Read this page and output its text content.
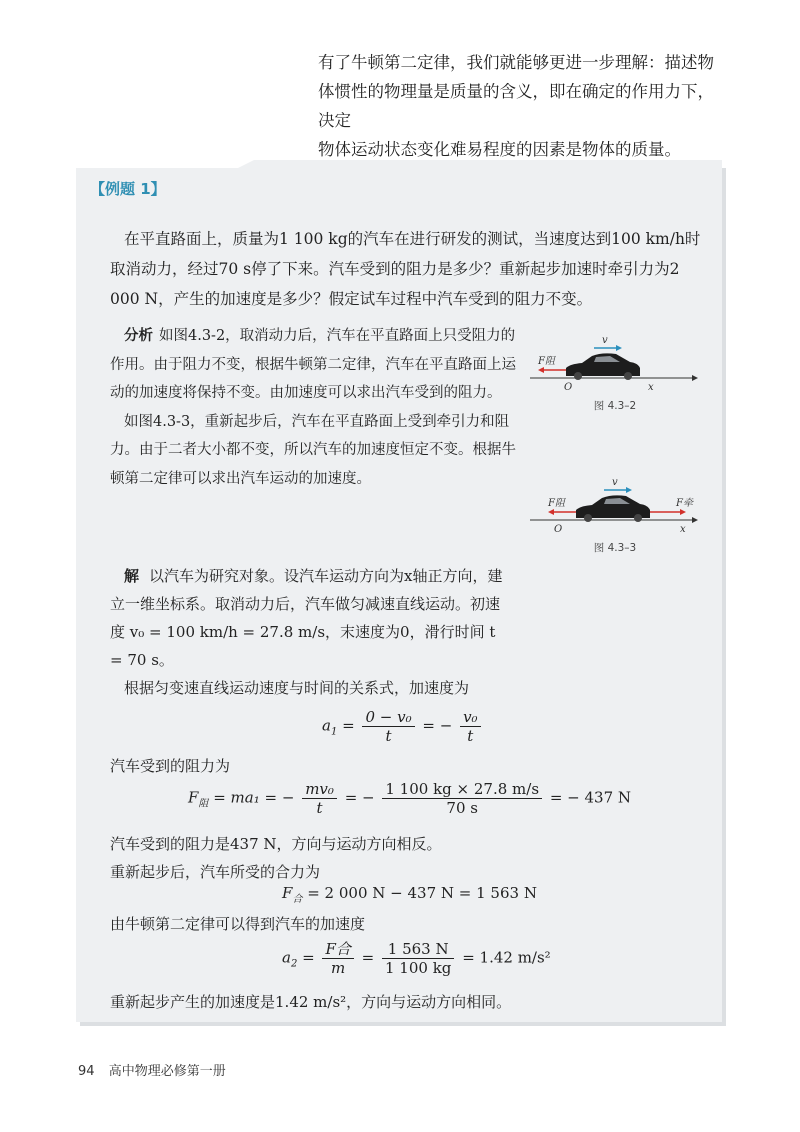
有了牛顿第二定律，我们就能够更进一步理解：描述物

体惯性的物理量是质量的含义，即在确定的作用力下，决定

物体运动状态变化难易程度的因素是物体的质量。

【例题 1】

在平直路面上，质量为1 100 kg的汽车在进行研发的测试，当速度达到100 km/h时取消动力，经过70 s停了下来。汽车受到的阻力是多少？重新起步加速时牵引力为2 000 N，产生的加速度是多少？假定试车过程中汽车受到的阻力不变。

分析 如图4.3-2，取消动力后，汽车在平直路面上只受阻力的作用。由于阻力不变，根据牛顿第二定律，汽车在平直路面上运动的加速度将保持不变。由加速度可以求出汽车受到的阻力。

如图4.3-3，重新起步后，汽车在平直路面上受到牵引力和阻力。由于二者大小都不变，所以汽车的加速度恒定不变。根据牛顿第二定律可以求出汽车运动的加速度。

v
F阻
O	x
图 4.3–2
v
F阻	F牵
O	x
图 4.3–3

解 以汽车为研究对象。设汽车运动方向为x轴正方向，建立一维坐标系。取消动力后，汽车做匀减速直线运动。初速度 v₀ = 100 km/h = 27.8 m/s，末速度为0，滑行时间 t = 70 s。

根据匀变速直线运动速度与时间的关系式，加速度为

$a_1 = \frac{\text{0 − v₀}}{t}$ = − $\frac{\text{v₀}}{t}$

汽车受到的阻力为

$F_阻 = ma_1$ = − $\frac{\text{mv₀}}{t}$ = − $\frac{1 100 kg \times 27.8 m/s}{70 s}$ = − 437 N

汽车受到的阻力是437 N，方向与运动方向相反。

重新起步后，汽车所受的合力为

$F_合 = 2$ 000 N − 437 N = 1 563 N

由牛顿第二定律可以得到汽车的加速度

$a_2 = \frac{\text{F合}}{m} = \frac{1 563 N}{1 100 kg} = 1.42$ m/s²

重新起步产生的加速度是1.42 m/s²，方向与运动方向相同。

94 高中物理必修第一册
